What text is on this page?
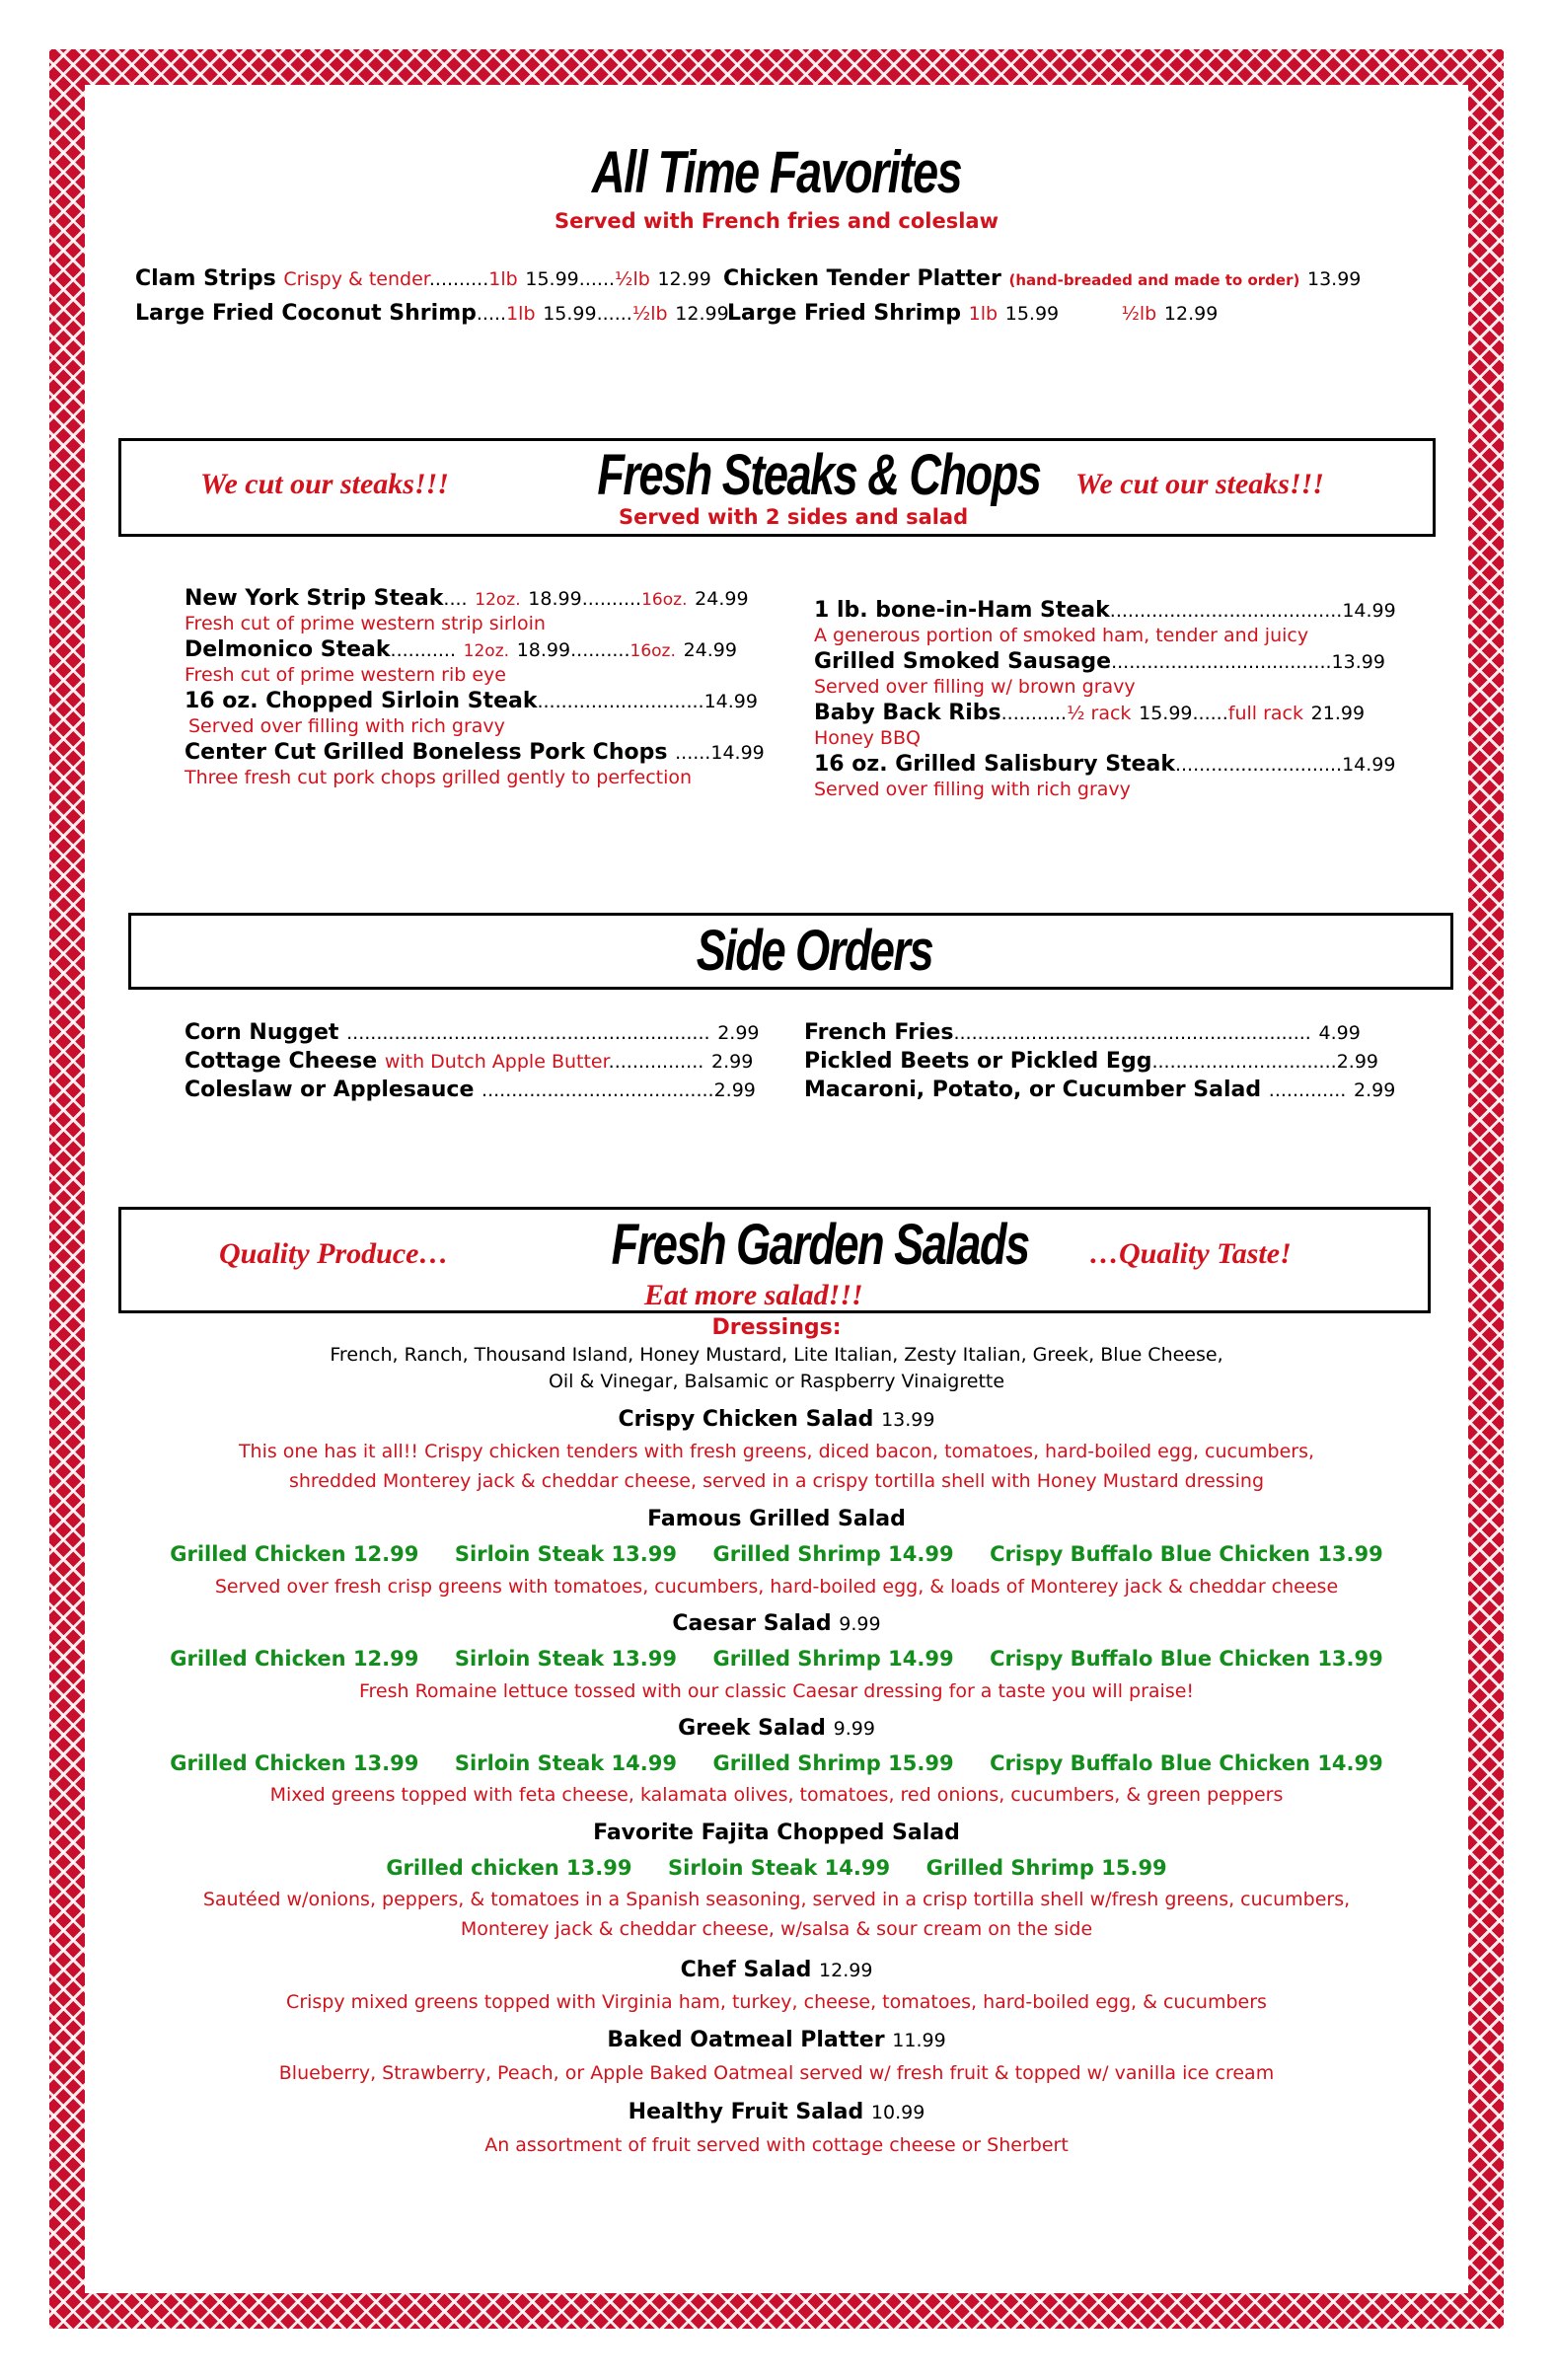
All Time Favorites
Served with French fries and coleslaw
Clam Strips Crispy & tender..........1lb 15.99......½lb 12.99
Large Fried Coconut Shrimp.....1lb 15.99......½lb 12.99
Chicken Tender Platter (hand-breaded and made to order) 13.99
Large Fried Shrimp 1lb 15.99	½lb 12.99
We cut our steaks!!!	Fresh Steaks & Chops We cut our steaks!!!
Served with 2 sides and salad
New York Strip Steak.... 12oz. 18.99..........16oz. 24.99
Fresh cut of prime western strip sirloin
Delmonico Steak........... 12oz. 18.99..........16oz. 24.99
Fresh cut of prime western rib eye
16 oz. Chopped Sirloin Steak............................14.99
Served over filling with rich gravy
Center Cut Grilled Boneless Pork Chops ......14.99
Three fresh cut pork chops grilled gently to perfection
1 lb. bone-in-Ham Steak.......................................14.99
A generous portion of smoked ham, tender and juicy
Grilled Smoked Sausage.....................................13.99
Served over filling w/ brown gravy
Baby Back Ribs...........½ rack 15.99......full rack 21.99
Honey BBQ
16 oz. Grilled Salisbury Steak............................14.99
Served over filling with rich gravy
Side Orders
Corn Nugget ............................................................. 2.99
Cottage Cheese with Dutch Apple Butter................ 2.99
Coleslaw or Applesauce .......................................2.99
French Fries............................................................ 4.99
Pickled Beets or Pickled Egg...............................2.99
Macaroni, Potato, or Cucumber Salad ............. 2.99
Quality Produce…	Fresh Garden Salads …Quality Taste!
Eat more salad!!!
Dressings:
French, Ranch, Thousand Island, Honey Mustard, Lite Italian, Zesty Italian, Greek, Blue Cheese,
Oil & Vinegar, Balsamic or Raspberry Vinaigrette
Crispy Chicken Salad 13.99
This one has it all!! Crispy chicken tenders with fresh greens, diced bacon, tomatoes, hard-boiled egg, cucumbers,
shredded Monterey jack & cheddar cheese, served in a crispy tortilla shell with Honey Mustard dressing
Famous Grilled Salad
Grilled Chicken 12.99     Sirloin Steak 13.99     Grilled Shrimp 14.99     Crispy Buffalo Blue Chicken 13.99
Served over fresh crisp greens with tomatoes, cucumbers, hard-boiled egg, & loads of Monterey jack & cheddar cheese
Caesar Salad 9.99
Grilled Chicken 12.99     Sirloin Steak 13.99     Grilled Shrimp 14.99     Crispy Buffalo Blue Chicken 13.99
Fresh Romaine lettuce tossed with our classic Caesar dressing for a taste you will praise!
Greek Salad 9.99
Grilled Chicken 13.99     Sirloin Steak 14.99     Grilled Shrimp 15.99     Crispy Buffalo Blue Chicken 14.99
Mixed greens topped with feta cheese, kalamata olives, tomatoes, red onions, cucumbers, & green peppers
Favorite Fajita Chopped Salad
Grilled chicken 13.99     Sirloin Steak 14.99     Grilled Shrimp 15.99
Sautéed w/onions, peppers, & tomatoes in a Spanish seasoning, served in a crisp tortilla shell w/fresh greens, cucumbers,
Monterey jack & cheddar cheese, w/salsa & sour cream on the side
Chef Salad 12.99
Crispy mixed greens topped with Virginia ham, turkey, cheese, tomatoes, hard-boiled egg, & cucumbers
Baked Oatmeal Platter 11.99
Blueberry, Strawberry, Peach, or Apple Baked Oatmeal served w/ fresh fruit & topped w/ vanilla ice cream
Healthy Fruit Salad 10.99
An assortment of fruit served with cottage cheese or Sherbert
